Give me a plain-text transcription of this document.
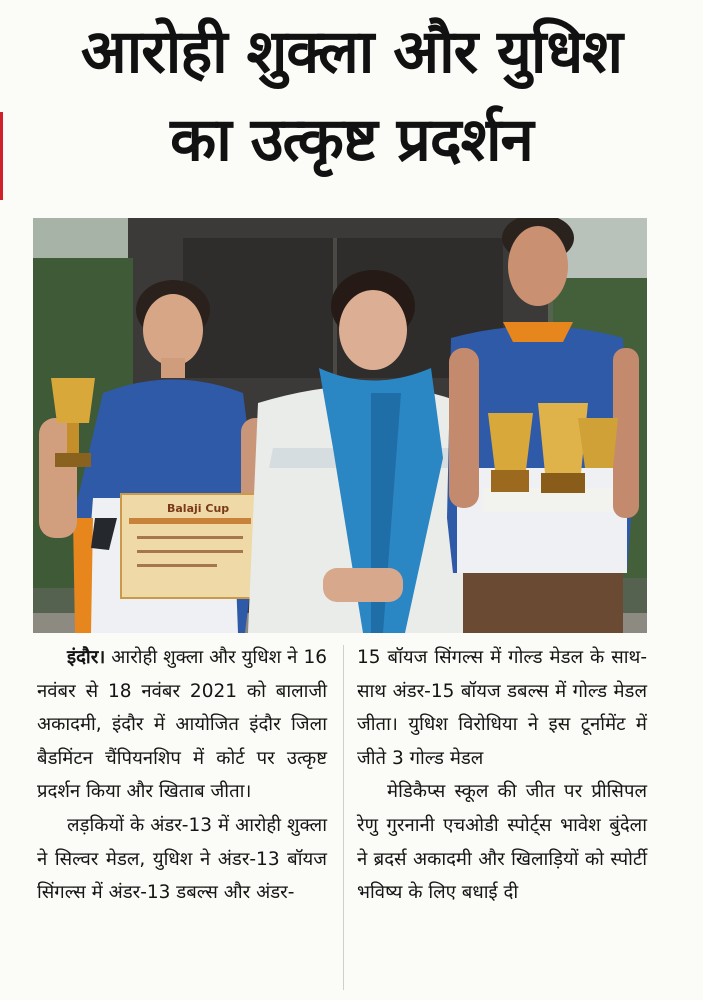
आरोही शुक्ला और युधिश
का उत्कृष्ट प्रदर्शन
Balaji Cup

इंदौर। आरोही शुक्ला और युधिश ने 16 नवंबर से 18 नवंबर 2021 को बालाजी अकादमी, इंदौर में आयोजित इंदौर जिला बैडमिंटन चैंपियनशिप में कोर्ट पर उत्कृष्ट प्रदर्शन किया और खिताब जीता।

लड़कियों के अंडर-13 में आरोही शुक्ला ने सिल्वर मेडल, युधिश ने अंडर-13 बॉयज सिंगल्स में अंडर-13 डबल्स और अंडर-

15 बॉयज सिंगल्स में गोल्ड मेडल के साथ-साथ अंडर-15 बॉयज डबल्स में गोल्ड मेडल जीता। युधिश विरोधिया ने इस टूर्नामेंट में जीते 3 गोल्ड मेडल

मेडिकैप्स स्कूल की जीत पर प्रीसिपल रेणु गुरनानी एचओडी स्पोर्ट्स भावेश बुंदेला ने ब्रदर्स अकादमी और खिलाड़ियों को स्पोर्टी भविष्य के लिए बधाई दी
